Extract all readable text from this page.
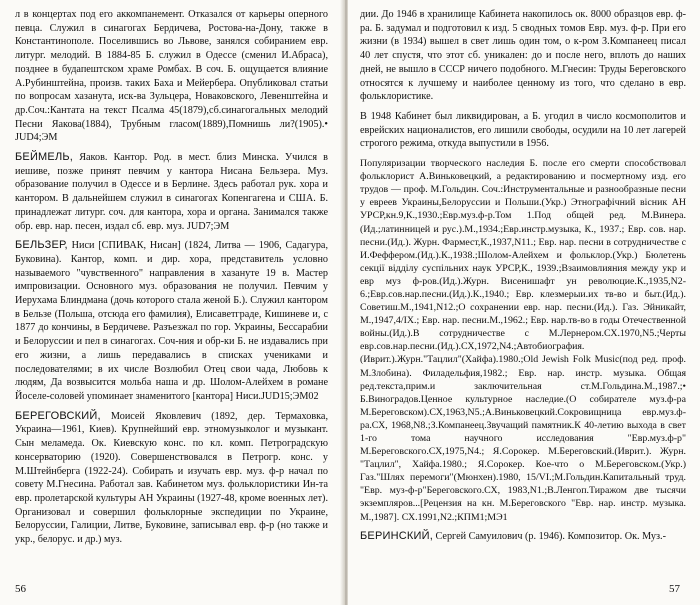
л в концертах под его аккомпанемент. Отказался от карьеры оперного певца. Служил в синагогах Бердичева, Ростова-на-Дону, также в Константинополе. Поселившись во Львове, занялся собиранием евр. литург. мелодий. В 1884-85 Б. служил в Одессе (сменил И.Абраса), позднее в будапештском храме Ромбах. В соч. Б. ощущается влияние А.Рубинштейна, произв. таких Баха и Мейербера. Опубликовал статьи по вопросам хазанута, иск-ва Зульцера, Новаковского, Левенштейна и др.Соч.:Кантата на текст Псалма 45(1879),сб.синагогальных мелодий Песни Яакова(1884), Трубным гласом(1889),Помнишь ли?(1905).• JUD4;ЭМ

БЕЙМЕЛЬ, Яаков. Кантор. Род. в мест. близ Минска. Учился в иешиве, позже принят певчим у кантора Нисана Бельзера. Муз. образование получил в Одессе и в Берлине. Здесь работал рук. хора и кантором. В дальнейшем служил в синагогах Копенгагена и США. Б. принадлежат литург. соч. для кантора, хора и органа. Занимался также обр. евр. нар. песен, издал сб. евр. муз. JUD7;ЭМ

БЕЛЬЗЕР, Ниси [СПИВАК, Нисан] (1824, Литва — 1906, Садагура, Буковина). Кантор, комп. и дир. хора, представитель условно называемого "чувственного" направления в хазануте 19 в. Мастер импровизации. Основного муз. образования не получил. Певчим у Иерухама Блиндмана (дочь которого стала женой Б.). Служил кантором в Бельзе (Польша, отсюда его фамилия), Елисаветграде, Кишиневе и, с 1877 до кончины, в Бердичеве. Разъезжал по гор. Украины, Бессарабии и Белоруссии и пел в синагогах. Соч-ния и обр-ки Б. не издавались при его жизни, а лишь передавались в списках учениками и последователями; в их числе Возлюбил Отец свои чада, Любовь к людям, Да возвысится мольба наша и др. Шолом-Алейхем в романе Йоселе-соловей упоминает знаменитого [кантора] Ниси.JUD15;ЭМ02

БЕРЕГОВСКИЙ, Моисей Яковлевич (1892, дер. Термаховка, Украина—1961, Киев). Крупнейший евр. этномузыколог и музыкант. Сын меламеда. Ок. Киевскую конс. по кл. комп. Петроградскую консерваторию (1920). Совершенствовался в Петрогр. конс. у М.Штейнберга (1922-24). Собирать и изучать евр. муз. ф-р начал по совету М.Гнесина. Работал зав. Кабинетом муз. фольклористики Ин-та евр. пролетарской культуры АН Украины (1927-48, кроме военных лет). Организовал и совершил фольклорные экспедиции по Украине, Белоруссии, Галиции, Литве, Буковине, записывал евр. ф-р (но также и укр., белорус. и др.) муз.

56

дии. До 1946 в хранилище Кабинета накопилось ок. 8000 образцов евр. ф-ра. Б. задумал и подготовил к изд. 5 сводных томов Евр. муз. ф-р. При его жизни (в 1934) вышел в свет лишь один том, о к-ром З.Компанеец писал 40 лет спустя, что этот сб. уникален: до и после него, вплоть до наших дней, не вышло в СССР ничего подобного. М.Гнесин: Труды Береговского относятся к лучшему и наиболее ценному из того, что сделано в евр. фольклористике.

В 1948 Кабинет был ликвидирован, а Б. угодил в число космополитов и еврейских националистов, его лишили свободы, осудили на 10 лет лагерей строгого режима, откуда выпустили в 1956.

Популяризации творческого наследия Б. после его смерти способствовал фольклорист А.Виньковецкий, а редактированию и посмертному изд. его трудов — проф. М.Гольдин. Соч.:Инструментальные и разнообразные песни у евреев Украины,Белоруссии и Польши.(Укр.) Этнографічний вісник АН УРСР,кн.9,К.,1930.;Евр.муз.ф-р.Том 1.Под общей ред. М.Винера.(Ид.;латинницей и рус.).М.,1934.;Евр.инстр.музыка, К., 1937.; Евр. сов. нар. песни.(Ид.). Журн. Фармест,К.,1937,N11.; Евр. нар. песни в сотрудничестве с И.Феффером.(Ид.).К.,1938.;Шолом-Алейхем и фольклор.(Укр.) Бюлетень секції відділу суспільних наук УРСР,К., 1939.;Взаимовлияния между укр и евр муз ф-ров.(Ид.).Журн. Висенишафт ун революцие.К.,1935,N2-6.;Евр.сов.нар.песни.(Ид.).К.,1940.; Евр. клезмерыи.их тв-во и быт.(Ид.). Советиш.М.,1941,N12.;О сохранении евр. нар. песни.(Ид.). Газ. Эйникайт, М.,1947,4/IX.; Евр. нар. песни.М.,1962.; Евр. нар.тв-во в годы Отечественной войны.(Ид.).В сотрудничестве с М.Лернером.СХ.1970,N5.;Черты евр.сов.нар.песни.(Ид.).СХ,1972,N4.;Автобиография.(Иврит.).Журн."Тацлил"(Хайфа).1980.;Old Jewish Folk Music(под ред. проф. М.Злобина). Филадельфия,1982.; Евр. нар. инстр. музыка. Общая ред.текста,прим.и заключительная ст.М.Гольдина.М.,1987.;• Б.Виноградов.Ценное культурное наследие.(О собирателе муз.ф-ра М.Береговском).СХ,1963,N5.;А.Виньковецкий.Сокровищница евр.муз.ф-ра.СХ, 1968,N8.;З.Компанеец.Звучащий памятник.К 40-летию выхода в свет 1-го тома научного исследования "Евр.муз.ф-р" М.Береговского.СХ,1975,N4.; Я.Сорокер. М.Береговский.(Иврит.). Журн. "Тацлил", Хайфа.1980.; Я.Сорокер. Кое-что о М.Береговском.(Укр.) Газ."Шлях перемоги"(Мюнхен).1980, 15/VI.;М.Гольдин.Капитальный труд. "Евр. муз-ф-р"Береговского.СХ, 1983,N1.;В.Ленгоп.Тиражом две тысячи экземпляров...[Рецензия на кн. М.Береговского "Евр. нар. инстр. музыка. М.,1987]. СХ.1991,N2.;КПМ1;МЭ1

БЕРИНСКИЙ, Сергей Самуилович (р. 1946). Композитор. Ок. Муз.-

57
